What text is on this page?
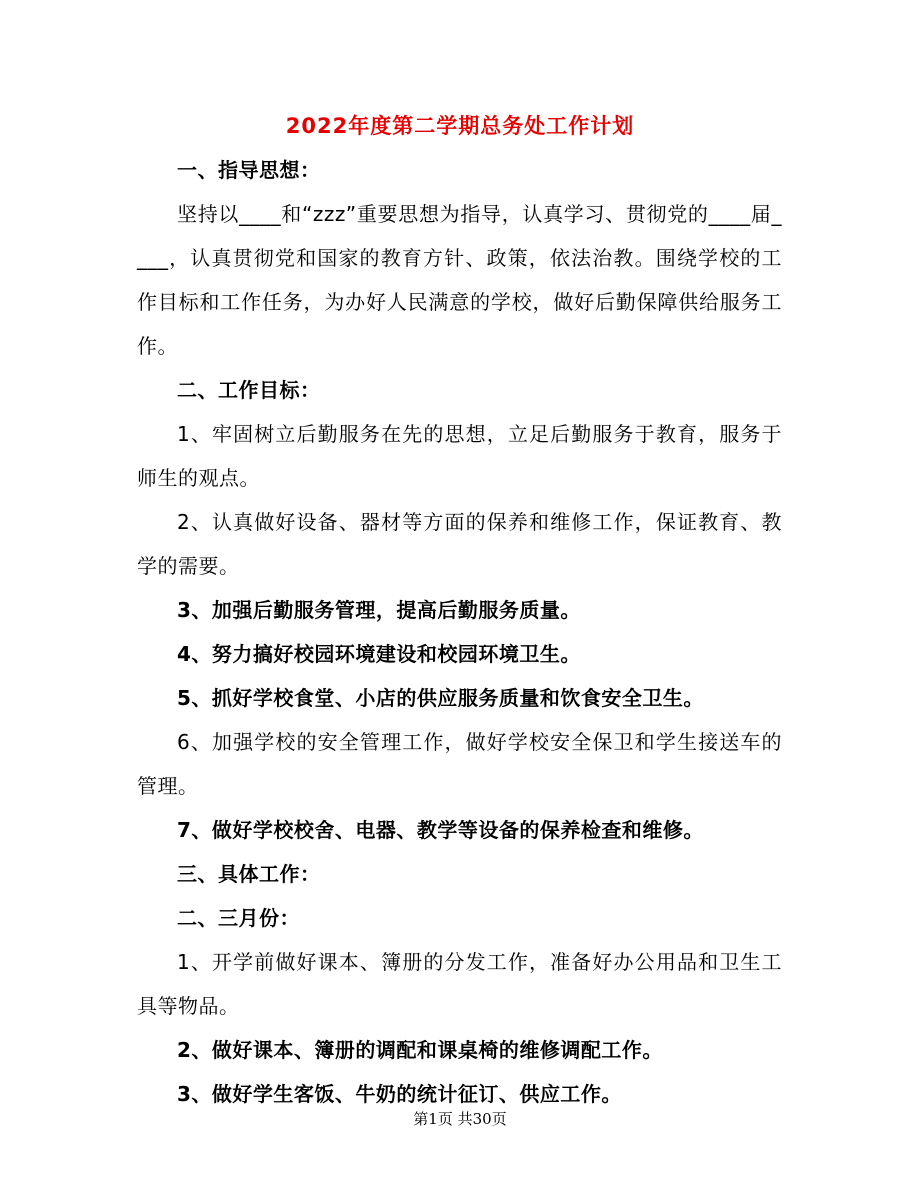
2022年度第二学期总务处工作计划

一、指导思想：

坚持以____和“zzz”重要思想为指导，认真学习、贯彻党的____届____，认真贯彻党和国家的教育方针、政策，依法治教。围绕学校的工作目标和工作任务，为办好人民满意的学校，做好后勤保障供给服务工作。

二、工作目标：

1、牢固树立后勤服务在先的思想，立足后勤服务于教育，服务于师生的观点。

2、认真做好设备、器材等方面的保养和维修工作，保证教育、教学的需要。

3、加强后勤服务管理，提高后勤服务质量。

4、努力搞好校园环境建设和校园环境卫生。

5、抓好学校食堂、小店的供应服务质量和饮食安全卫生。

6、加强学校的安全管理工作，做好学校安全保卫和学生接送车的管理。

7、做好学校校舍、电器、教学等设备的保养检查和维修。

三、具体工作：

二、三月份：

1、开学前做好课本、簿册的分发工作，准备好办公用品和卫生工具等物品。

2、做好课本、簿册的调配和课桌椅的维修调配工作。

3、做好学生客饭、牛奶的统计征订、供应工作。

第1页 共30页
